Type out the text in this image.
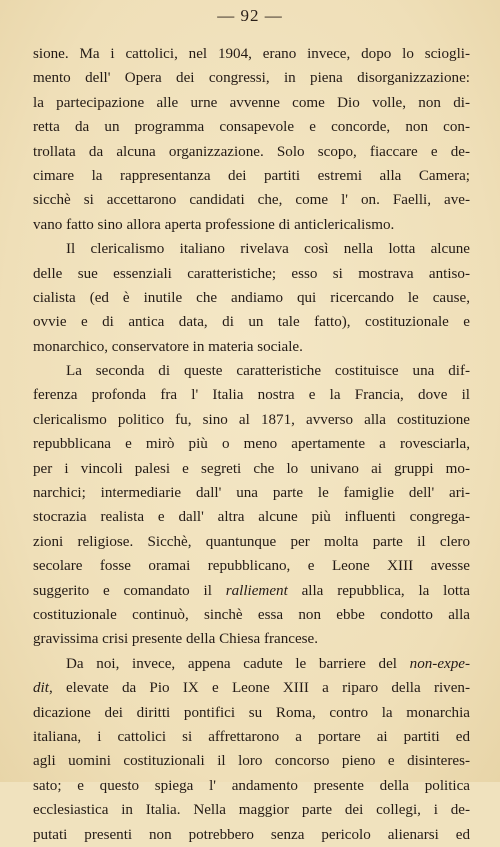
— 92 —
sione. Ma i cattolici, nel 1904, erano invece, dopo lo sciogli-
mento dell' Opera dei congressi, in piena disorganizzazione:
la partecipazione alle urne avvenne come Dio volle, non di-
retta da un programma consapevole e concorde, non con-
trollata da alcuna organizzazione. Solo scopo, fiaccare e de-
cimare la rappresentanza dei partiti estremi alla Camera;
sicchè si accettarono candidati che, come l' on. Faelli, ave-
vano fatto sino allora aperta professione di anticlericalismo.
Il clericalismo italiano rivelava così nella lotta alcune
delle sue essenziali caratteristiche; esso si mostrava antiso-
cialista (ed è inutile che andiamo qui ricercando le cause,
ovvie e di antica data, di un tale fatto), costituzionale e
monarchico, conservatore in materia sociale.
La seconda di queste caratteristiche costituisce una dif-
ferenza profonda fra l' Italia nostra e la Francia, dove il
clericalismo politico fu, sino al 1871, avverso alla costituzione
repubblicana e mirò più o meno apertamente a rovesciarla,
per i vincoli palesi e segreti che lo univano ai gruppi mo-
narchici; intermediarie dall' una parte le famiglie dell' ari-
stocrazia realista e dall' altra alcune più influenti congrega-
zioni religiose. Sicchè, quantunque per molta parte il clero
secolare fosse oramai repubblicano, e Leone XIII avesse
suggerito e comandato il ralliement alla repubblica, la lotta
costituzionale continuò, sinchè essa non ebbe condotto alla
gravissima crisi presente della Chiesa francese.
Da noi, invece, appena cadute le barriere del non-expe-
dit, elevate da Pio IX e Leone XIII a riparo della riven-
dicazione dei diritti pontifici su Roma, contro la monarchia
italiana, i cattolici si affrettarono a portare ai partiti ed
agli uomini costituzionali il loro concorso pieno e disinteres-
sato; e questo spiega l' andamento presente della politica
ecclesiastica in Italia. Nella maggior parte dei collegi, i de-
putati presenti non potrebbero senza pericolo alienarsi ed
